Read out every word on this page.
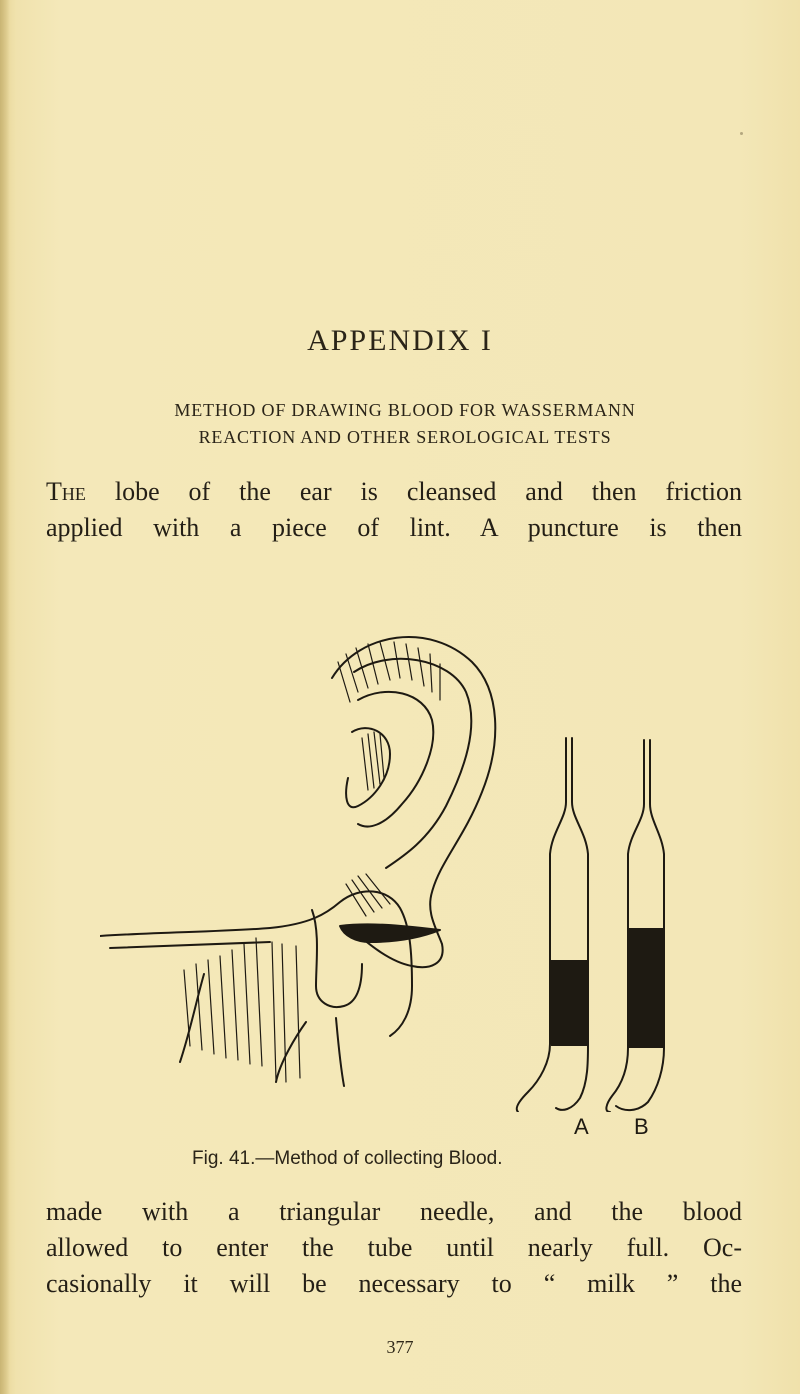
APPENDIX I
METHOD OF DRAWING BLOOD FOR WASSERMANN
REACTION AND OTHER SEROLOGICAL TESTS
The lobe of the ear is cleansed and then friction
applied with a piece of lint. A puncture is then
A B
Fig. 41.—Method of collecting Blood.
made with a triangular needle, and the blood
allowed to enter the tube until nearly full. Oc-
casionally it will be necessary to “ milk ” the
377
